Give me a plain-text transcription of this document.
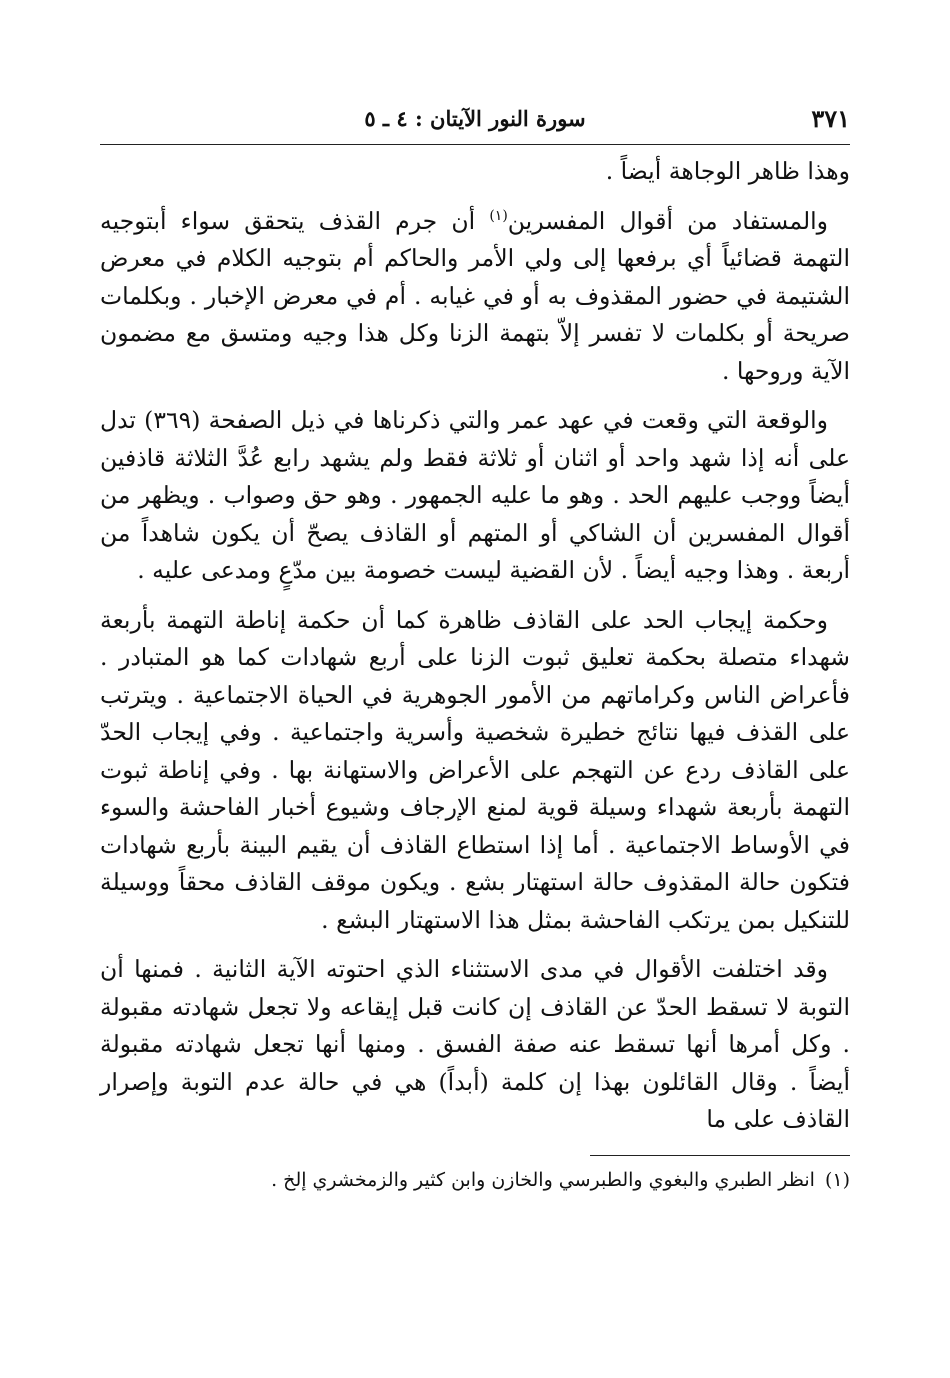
٣٧١
سورة النور الآيتان : ٤ ـ ٥

وهذا ظاهر الوجاهة أيضاً .

والمستفاد من أقوال المفسرين$^{(١)}$ أن جرم القذف يتحقق سواء أبتوجيه التهمة قضائياً أي برفعها إلى ولي الأمر والحاكم أم بتوجيه الكلام في معرض الشتيمة في حضور المقذوف به أو في غيابه . أم في معرض الإخبار . وبكلمات صريحة أو بكلمات لا تفسر إلاّ بتهمة الزنا وكل هذا وجيه ومتسق مع مضمون الآية وروحها .

والوقعة التي وقعت في عهد عمر والتي ذكرناها في ذيل الصفحة (٣٦٩) تدل على أنه إذا شهد واحد أو اثنان أو ثلاثة فقط ولم يشهد رابع عُدَّ الثلاثة قاذفين أيضاً ووجب عليهم الحد . وهو ما عليه الجمهور . وهو حق وصواب . ويظهر من أقوال المفسرين أن الشاكي أو المتهم أو القاذف يصحّ أن يكون شاهداً من أربعة . وهذا وجيه أيضاً . لأن القضية ليست خصومة بين مدّعٍ ومدعى عليه .

وحكمة إيجاب الحد على القاذف ظاهرة كما أن حكمة إناطة التهمة بأربعة شهداء متصلة بحكمة تعليق ثبوت الزنا على أربع شهادات كما هو المتبادر . فأعراض الناس وكراماتهم من الأمور الجوهرية في الحياة الاجتماعية . ويترتب على القذف فيها نتائج خطيرة شخصية وأسرية واجتماعية . وفي إيجاب الحدّ على القاذف ردع عن التهجم على الأعراض والاستهانة بها . وفي إناطة ثبوت التهمة بأربعة شهداء وسيلة قوية لمنع الإرجاف وشيوع أخبار الفاحشة والسوء في الأوساط الاجتماعية . أما إذا استطاع القاذف أن يقيم البينة بأربع شهادات فتكون حالة المقذوف حالة استهتار بشع . ويكون موقف القاذف محقاً ووسيلة للتنكيل بمن يرتكب الفاحشة بمثل هذا الاستهتار البشع .

وقد اختلفت الأقوال في مدى الاستثناء الذي احتوته الآية الثانية . فمنها أن التوبة لا تسقط الحدّ عن القاذف إن كانت قبل إيقاعه ولا تجعل شهادته مقبولة . وكل أمرها أنها تسقط عنه صفة الفسق . ومنها أنها تجعل شهادته مقبولة أيضاً . وقال القائلون بهذا إن كلمة (أبداً) هي في حالة عدم التوبة وإصرار القاذف على ما

(١)انظر الطبري والبغوي والطبرسي والخازن وابن كثير والزمخشري إلخ .
